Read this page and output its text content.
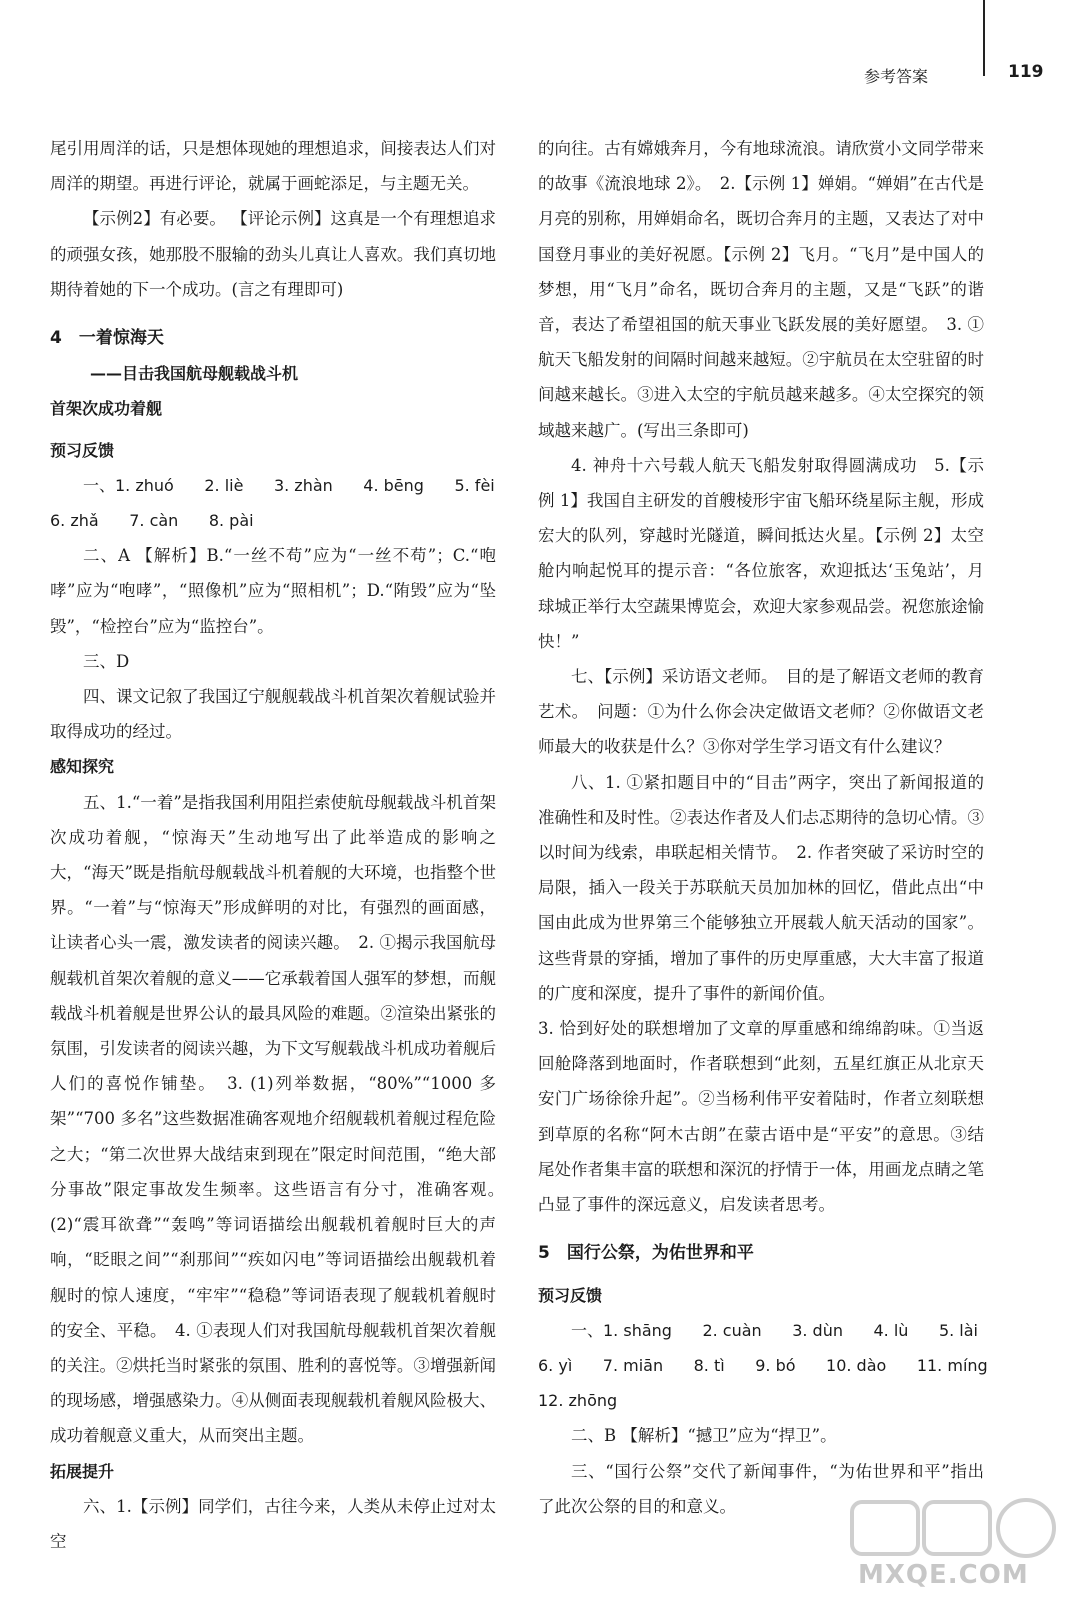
参考答案	119

尾引用周洋的话，只是想体现她的理想追求，间接表达人们对周洋的期望。再进行评论，就属于画蛇添足，与主题无关。

【示例2】有必要。 【评论示例】这真是一个有理想追求的顽强女孩，她那股不服输的劲头儿真让人喜欢。我们真切地期待着她的下一个成功。(言之有理即可)

4　一着惊海天

——目击我国航母舰载战斗机

首架次成功着舰

预习反馈

一、1. zhuó      2. liè      3. zhàn      4. bēng      5. fèi

6. zhǎ      7. càn      8. pài

二、A 【解析】B.“一丝不苟”应为“一丝不苟”；C.“咆哮”应为“咆哮”，“照像机”应为“照相机”；D.“陏毁”应为“坠毁”，“检控台”应为“监控台”。

三、D

四、课文记叙了我国辽宁舰舰载战斗机首架次着舰试验并取得成功的经过。

感知探究

五、1.“一着”是指我国利用阻拦索使航母舰载战斗机首架次成功着舰，“惊海天”生动地写出了此举造成的影响之大，“海天”既是指航母舰载战斗机着舰的大环境，也指整个世界。“一着”与“惊海天”形成鲜明的对比，有强烈的画面感，让读者心头一震，激发读者的阅读兴趣。　2. ①揭示我国航母舰载机首架次着舰的意义——它承载着国人强军的梦想，而舰载战斗机着舰是世界公认的最具风险的难题。②渲染出紧张的氛围，引发读者的阅读兴趣，为下文写舰载战斗机成功着舰后人们的喜悦作铺垫。　3. (1)列举数据，“80%”“1000 多架”“700 多名”这些数据准确客观地介绍舰载机着舰过程危险之大；“第二次世界大战结束到现在”限定时间范围，“绝大部分事故”限定事故发生频率。这些语言有分寸，准确客观。　(2)“震耳欲聋”“轰鸣”等词语描绘出舰载机着舰时巨大的声响，“眨眼之间”“刹那间”“疾如闪电”等词语描绘出舰载机着舰时的惊人速度，“牢牢”“稳稳”等词语表现了舰载机着舰时的安全、平稳。　4. ①表现人们对我国航母舰载机首架次着舰的关注。②烘托当时紧张的氛围、胜利的喜悦等。③增强新闻的现场感，增强感染力。④从侧面表现舰载机着舰风险极大、成功着舰意义重大，从而突出主题。

拓展提升

六、1.【示例】同学们，古往今来，人类从未停止过对太空

的向往。古有嫦娥奔月，今有地球流浪。请欣赏小文同学带来的故事《流浪地球 2》。　2.【示例 1】婵娟。“婵娟”在古代是月亮的别称，用婵娟命名，既切合奔月的主题，又表达了对中国登月事业的美好祝愿。【示例 2】飞月。“飞月”是中国人的梦想，用“飞月”命名，既切合奔月的主题，又是“飞跃”的谐音，表达了希望祖国的航天事业飞跃发展的美好愿望。　3. ①航天飞船发射的间隔时间越来越短。②宇航员在太空驻留的时间越来越长。③进入太空的宇航员越来越多。④太空探究的领域越来越广。(写出三条即可)

4. 神舟十六号载人航天飞船发射取得圆满成功　5.【示例 1】我国自主研发的首艘棱形宇宙飞船环绕星际主舰，形成宏大的队列，穿越时光隧道，瞬间抵达火星。【示例 2】太空舱内响起悦耳的提示音：“各位旅客，欢迎抵达‘玉兔站’，月球城正举行太空蔬果博览会，欢迎大家参观品尝。祝您旅途愉快！”

七、【示例】采访语文老师。　目的是了解语文老师的教育艺术。　问题：①为什么你会决定做语文老师？②你做语文老师最大的收获是什么？③你对学生学习语文有什么建议？

八、1. ①紧扣题目中的“目击”两字，突出了新闻报道的准确性和及时性。②表达作者及人们忐忑期待的急切心情。③以时间为线索，串联起相关情节。　2. 作者突破了采访时空的局限，插入一段关于苏联航天员加加林的回忆，借此点出“中国由此成为世界第三个能够独立开展载人航天活动的国家”。这些背景的穿插，增加了事件的历史厚重感，大大丰富了报道的广度和深度，提升了事件的新闻价值。

3. 恰到好处的联想增加了文章的厚重感和绵绵韵味。①当返回舱降落到地面时，作者联想到“此刻，五星红旗正从北京天安门广场徐徐升起”。②当杨利伟平安着陆时，作者立刻联想到草原的名称“阿木古朗”在蒙古语中是“平安”的意思。③结尾处作者集丰富的联想和深沉的抒情于一体，用画龙点睛之笔凸显了事件的深远意义，启发读者思考。

5　国行公祭，为佑世界和平

预习反馈

一、1. shāng      2. cuàn      3. dùn      4. lù      5. lài

6. yì      7. miān      8. tì      9. bó      10. dào      11. míng

12. zhōng

二、B 【解析】“撼卫”应为“捍卫”。

三、“国行公祭”交代了新闻事件，“为佑世界和平”指出了此次公祭的目的和意义。

MXQE.COM
